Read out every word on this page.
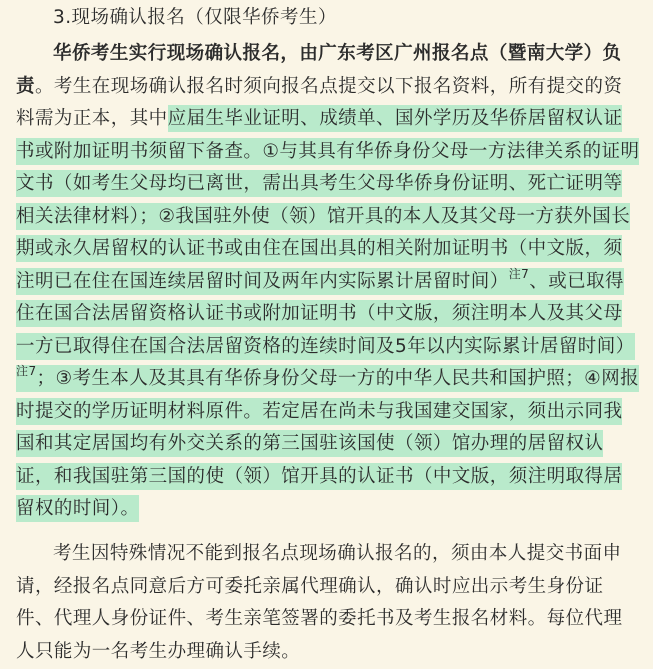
3.现场确认报名（仅限华侨考生）

华侨考生实行现场确认报名，由广东考区广州报名点（暨南大学）负责。考生在现场确认报名时须向报名点提交以下报名资料，所有提交的资料需为正本，其中应届生毕业证明、成绩单、国外学历及华侨居留权认证书或附加证明书须留下备查。①与其具有华侨身份父母一方法律关系的证明文书（如考生父母均已离世，需出具考生父母华侨身份证明、死亡证明等相关法律材料）；②我国驻外使（领）馆开具的本人及其父母一方获外国长期或永久居留权的认证书或由住在国出具的相关附加证明书（中文版，须注明已在住在国连续居留时间及两年内实际累计居留时间）$^{注7}$、或已取得住在国合法居留资格认证书或附加证明书（中文版，须注明本人及其父母一方已取得住在国合法居留资格的连续时间及5年以内实际累计居留时间）$^{注7}$；③考生本人及其具有华侨身份父母一方的中华人民共和国护照；④网报时提交的学历证明材料原件。若定居在尚未与我国建交国家，须出示同我国和其定居国均有外交关系的第三国驻该国使（领）馆办理的居留权认证，和我国驻第三国的使（领）馆开具的认证书（中文版，须注明取得居留权的时间）。

考生因特殊情况不能到报名点现场确认报名的，须由本人提交书面申请，经报名点同意后方可委托亲属代理确认，确认时应出示考生身份证件、代理人身份证件、考生亲笔签署的委托书及考生报名材料。每位代理人只能为一名考生办理确认手续。
